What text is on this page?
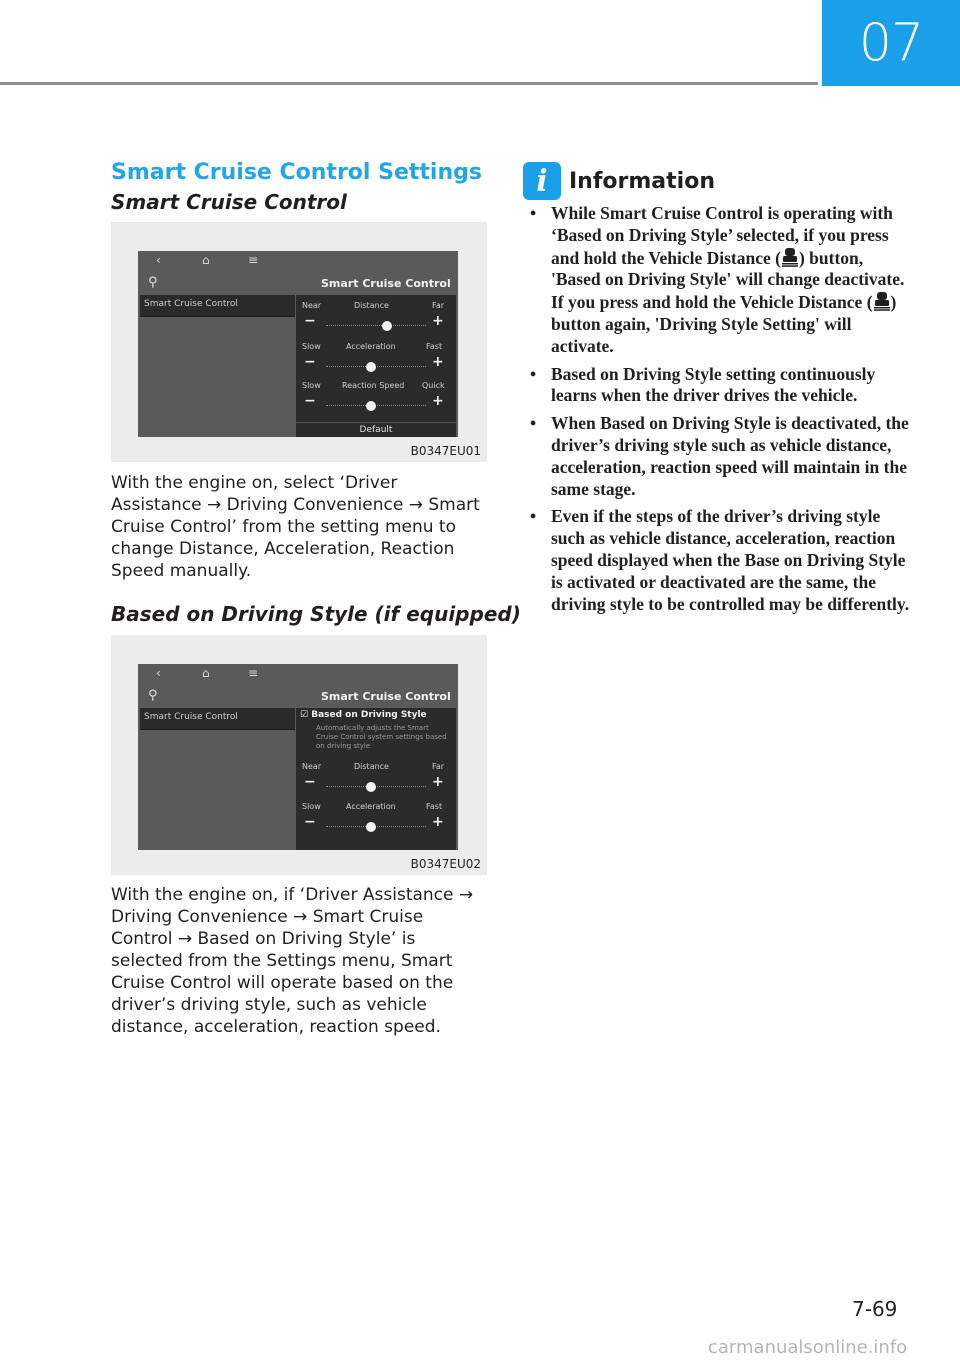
07
Smart Cruise Control Settings
Smart Cruise Control
‹	⌂	≡
⚲	Smart Cruise Control
Smart Cruise Control	Near	Distance	Far
−	+
Slow	Acceleration	Fast
−	+
Slow	Reaction Speed Quick
−	+
Default
B0347EU01
With the engine on, select ‘Driver Assistance → Driving Convenience → Smart Cruise Control’ from the setting menu to change Distance, Acceleration, Reaction Speed manually.
Based on Driving Style (if equipped)
‹	⌂	≡
⚲	Smart Cruise Control
Smart Cruise Control	☑ Based on Driving Style
Automatically adjusts the Smart Cruise Control system settings based on driving style
Near	Distance	Far
−	+
Slow	Acceleration	Fast
−	+
B0347EU02
With the engine on, if ‘Driver Assistance → Driving Convenience → Smart Cruise Control → Based on Driving Style’ is selected from the Settings menu, Smart Cruise Control will operate based on the driver’s driving style, such as vehicle distance, acceleration, reaction speed.
i Information
• While Smart Cruise Control is operating with ‘Based on Driving Style’ selected, if you press and hold the Vehicle Distance ( ) button, 'Based on Driving Style' will change deactivate. If you press and hold the Vehicle Distance ( ) button again, 'Driving Style Setting' will activate.
• Based on Driving Style setting continuously learns when the driver drives the vehicle.
• When Based on Driving Style is deactivated, the driver’s driving style such as vehicle distance, acceleration, reaction speed will maintain in the same stage.
• Even if the steps of the driver’s driving style such as vehicle distance, acceleration, reaction speed displayed when the Base on Driving Style is activated or deactivated are the same, the driving style to be controlled may be differently.
7-69
carmanualsonline.info
